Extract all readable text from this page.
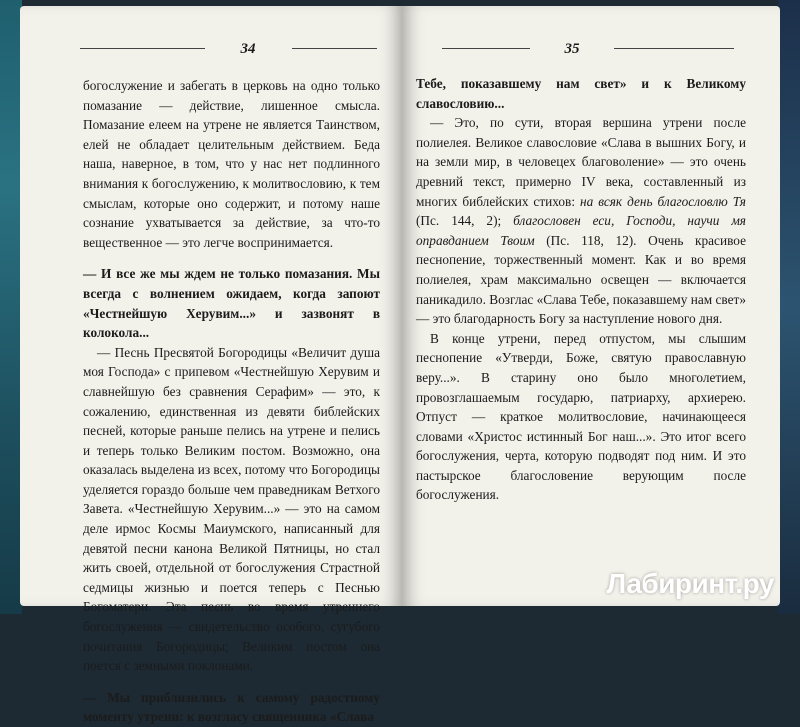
34

богослужение и забегать в церковь на одно только помазание — действие, лишенное смысла. Помазание елеем на утрене не является Таинством, елей не обладает целительным действием. Беда наша, наверное, в том, что у нас нет подлинного внимания к богослужению, к молитвословию, к тем смыслам, которые оно содержит, и потому наше сознание ухватывается за действие, за что-то вещественное — это легче воспринимается.

— И все же мы ждем не только помазания. Мы всегда с волнением ожидаем, когда запоют «Честнейшую Херувим...» и зазвонят в колокола...

— Песнь Пресвятой Богородицы «Величит душа моя Господа» с припевом «Честнейшую Херувим и славнейшую без сравнения Серафим» — это, к сожалению, единственная из девяти библейских песней, которые раньше пелись на утрене и пелись и теперь только Великим постом. Возможно, она оказалась выделена из всех, потому что Богородицы уделяется гораздо больше чем праведникам Ветхого Завета. «Честнейшую Херувим...» — это на самом деле ирмос Космы Маиумского, написанный для девятой песни канона Великой Пятницы, но стал жить своей, отдельной от богослужения Страстной седмицы жизнью и поется теперь с Песнью Богоматери. Эта песнь во время утреннего богослужения — свидетельство особого, сугубого почитания Богородицы; Великим постом она поется с земными поклонами.

— Мы приблизились к самому радостному моменту утрени: к возгласу священника «Слава

35

Тебе, показавшему нам свет» и к Великому славословию...

— Это, по сути, вторая вершина утрени после полиелея. Великое славословие «Слава в вышних Богу, и на земли мир, в человецех благоволение» — это очень древний текст, примерно IV века, составленный из многих библейских стихов: на всяк день благословлю Тя (Пс. 144, 2); благословен еси, Господи, научи мя оправданием Твоим (Пс. 118, 12). Очень красивое песнопение, торжественный момент. Как и во время полиелея, храм максимально освещен — включается паникадило. Возглас «Слава Тебе, показавшему нам свет» — это благодарность Богу за наступление нового дня.

В конце утрени, перед отпустом, мы слышим песнопение «Утверди, Боже, святую православную веру...». В старину оно было многолетием, провозглашаемым государю, патриарху, архиерею. Отпуст — краткое молитвословие, начинающееся словами «Христос истинный Бог наш...». Это итог всего богослужения, черта, которую подводят под ним. И это пастырское благословение верующим после богослужения.

Лабиринт.ру
